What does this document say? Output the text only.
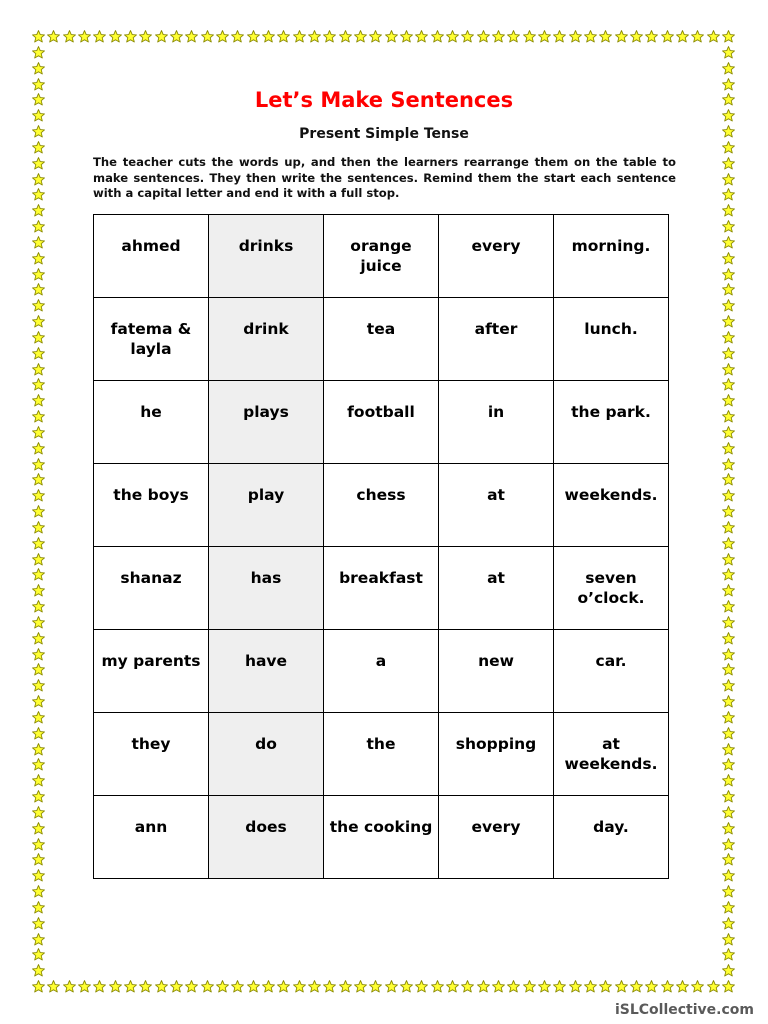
Let’s Make Sentences
Present Simple Tense
The teacher cuts the words up, and then the learners rearrange them on the table to make sentences. They then write the sentences. Remind them the start each sentence with a capital letter and end it with a full stop.
ahmed	drinks	orange juice	every	morning.
fatema & layla	drink	tea	after	lunch.
he	plays	football	in	the park.
the boys	play	chess	at	weekends.
shanaz	has	breakfast	at	seven o’clock.
my parents	have	a	new	car.
they	do	the	shopping	at weekends.
ann	does	the cooking	every	day.
iSLCollective.com
